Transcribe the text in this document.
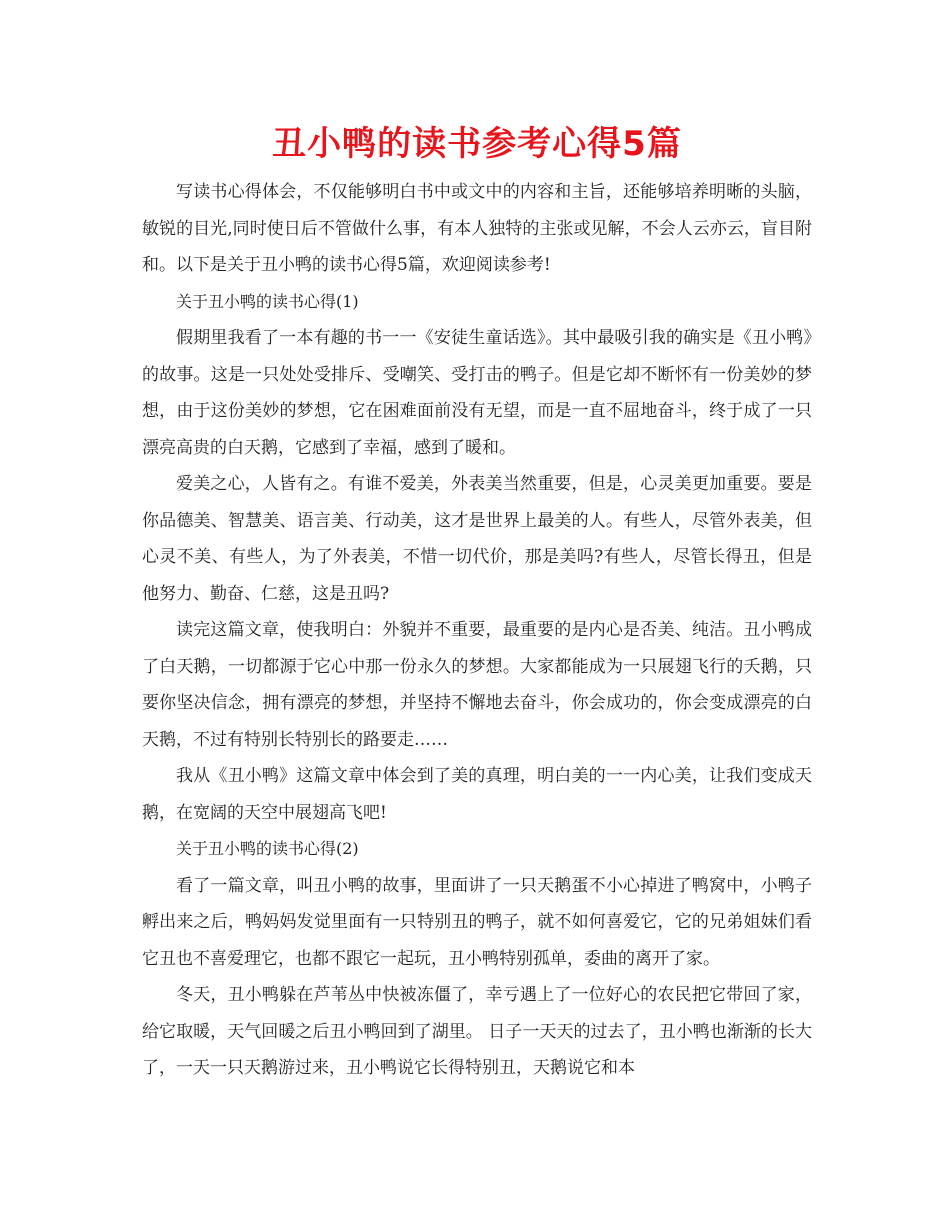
丑小鸭的读书参考心得5篇

写读书心得体会，不仅能够明白书中或文中的内容和主旨，还能够培养明晰的头脑，敏锐的目光,同时使日后不管做什么事，有本人独特的主张或见解，不会人云亦云，盲目附和。以下是关于丑小鸭的读书心得5篇，欢迎阅读参考!

关于丑小鸭的读书心得(1)

假期里我看了一本有趣的书一一《安徒生童话选》。其中最吸引我的确实是《丑小鸭》的故事。这是一只处处受排斥、受嘲笑、受打击的鸭子。但是它却不断怀有一份美妙的梦想，由于这份美妙的梦想，它在困难面前没有无望，而是一直不屈地奋斗，终于成了一只漂亮高贵的白天鹅，它感到了幸福，感到了暖和。

爱美之心，人皆有之。有谁不爱美，外表美当然重要，但是，心灵美更加重要。要是你品德美、智慧美、语言美、行动美，这才是世界上最美的人。有些人，尽管外表美，但心灵不美、有些人，为了外表美，不惜一切代价，那是美吗?有些人，尽管长得丑，但是他努力、勤奋、仁慈，这是丑吗?

读完这篇文章，使我明白：外貌并不重要，最重要的是内心是否美、纯洁。丑小鸭成了白天鹅，一切都源于它心中那一份永久的梦想。大家都能成为一只展翅飞行的夭鹅，只要你坚决信念，拥有漂亮的梦想，并坚持不懈地去奋斗，你会成功的，你会变成漂亮的白天鹅，不过有特别长特别长的路要走……

我从《丑小鸭》这篇文章中体会到了美的真理，明白美的一一内心美，让我们变成天鹅，在宽阔的天空中展翅高飞吧!

关于丑小鸭的读书心得(2)

看了一篇文章，叫丑小鸭的故事，里面讲了一只天鹅蛋不小心掉进了鸭窝中，小鸭子孵出来之后，鸭妈妈发觉里面有一只特别丑的鸭子，就不如何喜爱它，它的兄弟姐妹们看它丑也不喜爱理它，也都不跟它一起玩，丑小鸭特别孤单，委曲的离开了家。

冬天，丑小鸭躲在芦苇丛中快被冻僵了，幸亏遇上了一位好心的农民把它带回了家，给它取暖，天气回暖之后丑小鸭回到了湖里。 日子一天天的过去了，丑小鸭也渐渐的长大了，一天一只天鹅游过来，丑小鸭说它长得特别丑，天鹅说它和本
